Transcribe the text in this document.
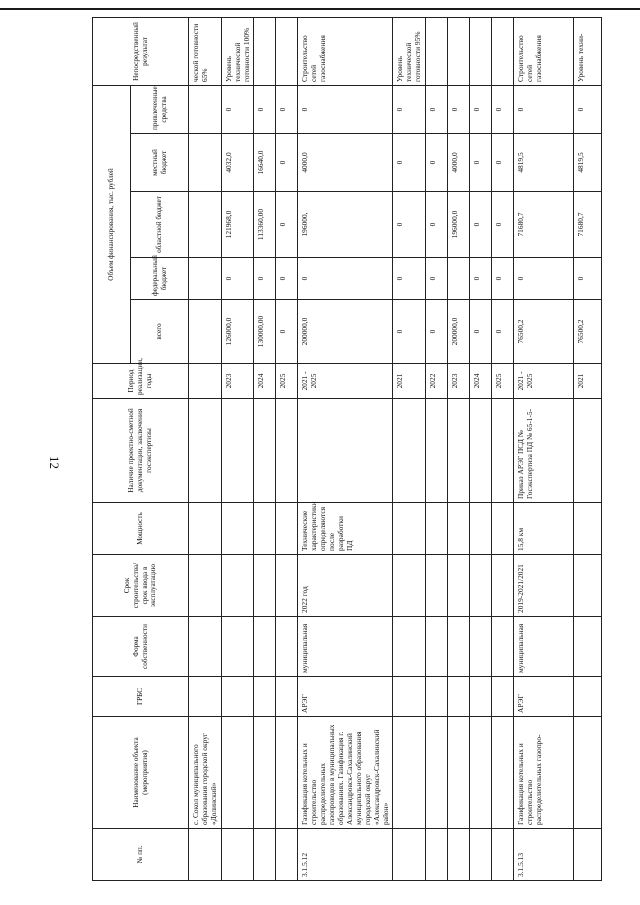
12
№ пп.	Наименование объекта (мероприятия)	ГРБС	Форма собственности	Срок строительства/срок ввода в эксплуатацию	Мощность	Наличие проектно-сметной документации, заключения госэкспертизы	Период реализации, годы	Объем финансирования, тыс. рублей					Непосредственный результат
								всего	федеральный бюджет	областной бюджет	местный бюджет	привлеченные средства	
	с. Сокол муниципального образования городской округ «Долинский»												ческой готовности 65%
							2023	126000,0	0	121968,0	4032,0	0	Уровень технической готовности 100%
							2024	130000,00	0	113360,00	16640,0	0	
							2025	0	0	0	0	0	
3.1.5.12	Газификация котельных и строительство распределительных газопроводов в муниципальных образованиях. Газификация г. Александровск-Сахалинский муниципального образования городской округ «Александровск-Сахалинский район»	АРЭГ	муниципальная	2022 год	Технические характеристики определяются после разработки ПД		2021 - 2025	200000,0	0	196000,	4000,0	0	Строительство сетей газоснабжения
							2021	0	0	0	0	0	Уровень технической готовности 95%
							2022	0	0	0	0	0	
							2023	200000,0		196000,0	4000,0	0	
							2024	0	0	0	0	0	
							2025	0	0	0	0	0	
3.1.5.13	Газификация котельных и строительство распределительных газопро-	АРЭГ	муниципальная	2019-2021/2021	15,8 км	Приказ АРЭГ ПСД № Госэкспертиза ПД № 65-1-5-	2021 - 2025	76500,2	0	71680,7	4819,5	0	Строительство сетей газоснабжения
							2021	76500,2	0	71680,7	4819,5	0	Уровень техни-
